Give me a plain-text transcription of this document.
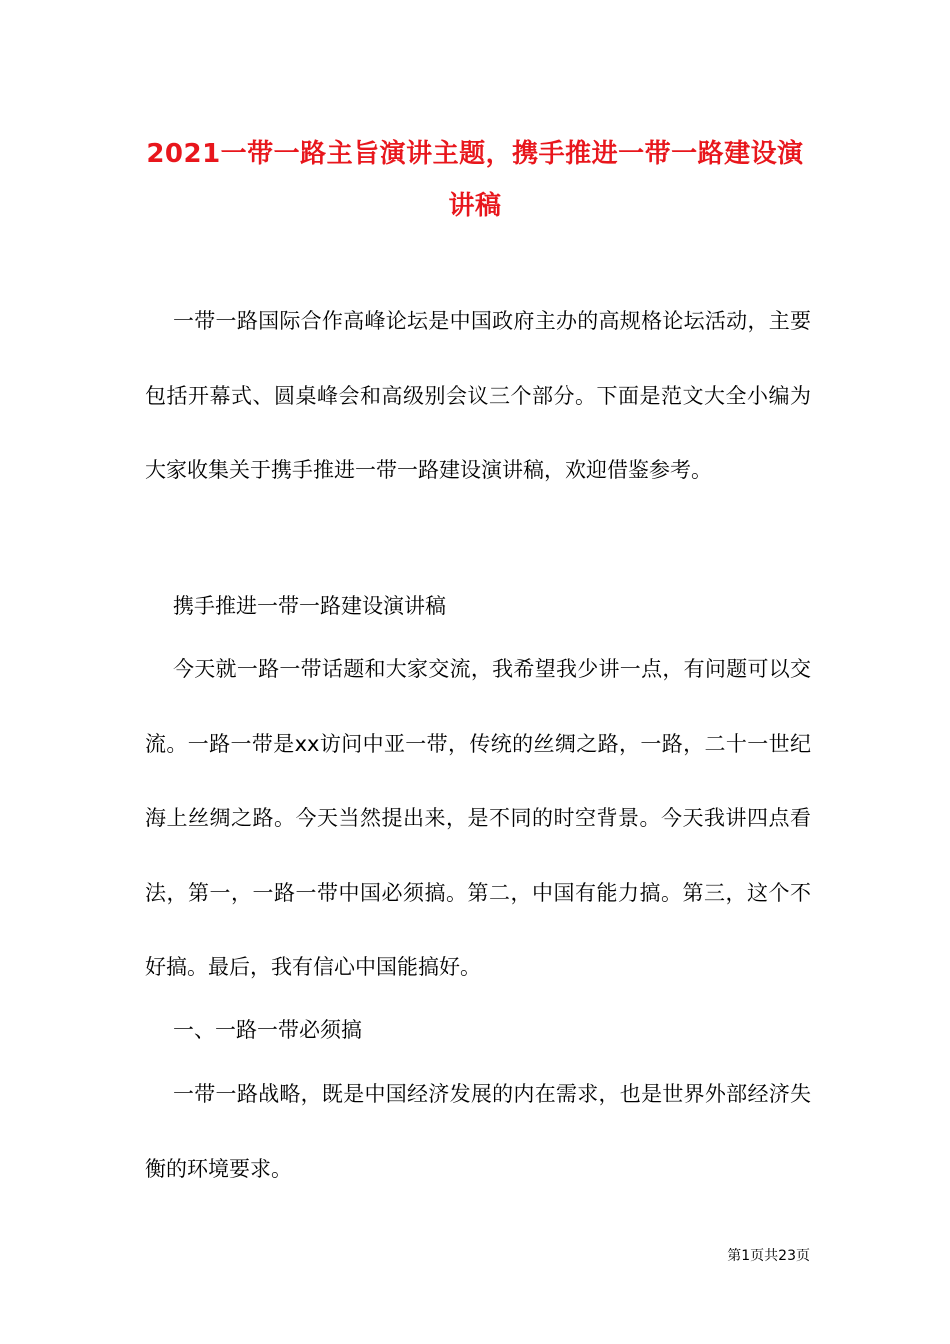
2021一带一路主旨演讲主题，携手推进一带一路建设演
讲稿

一带一路国际合作高峰论坛是中国政府主办的高规格论坛活动，主要包括开幕式、圆桌峰会和高级别会议三个部分。下面是范文大全小编为大家收集关于携手推进一带一路建设演讲稿，欢迎借鉴参考。

携手推进一带一路建设演讲稿

今天就一路一带话题和大家交流，我希望我少讲一点，有问题可以交流。一路一带是xx访问中亚一带，传统的丝绸之路，一路，二十一世纪海上丝绸之路。今天当然提出来，是不同的时空背景。今天我讲四点看法，第一，一路一带中国必须搞。第二，中国有能力搞。第三，这个不好搞。最后，我有信心中国能搞好。

一、一路一带必须搞

一带一路战略，既是中国经济发展的内在需求，也是世界外部经济失衡的环境要求。

第1页共23页
